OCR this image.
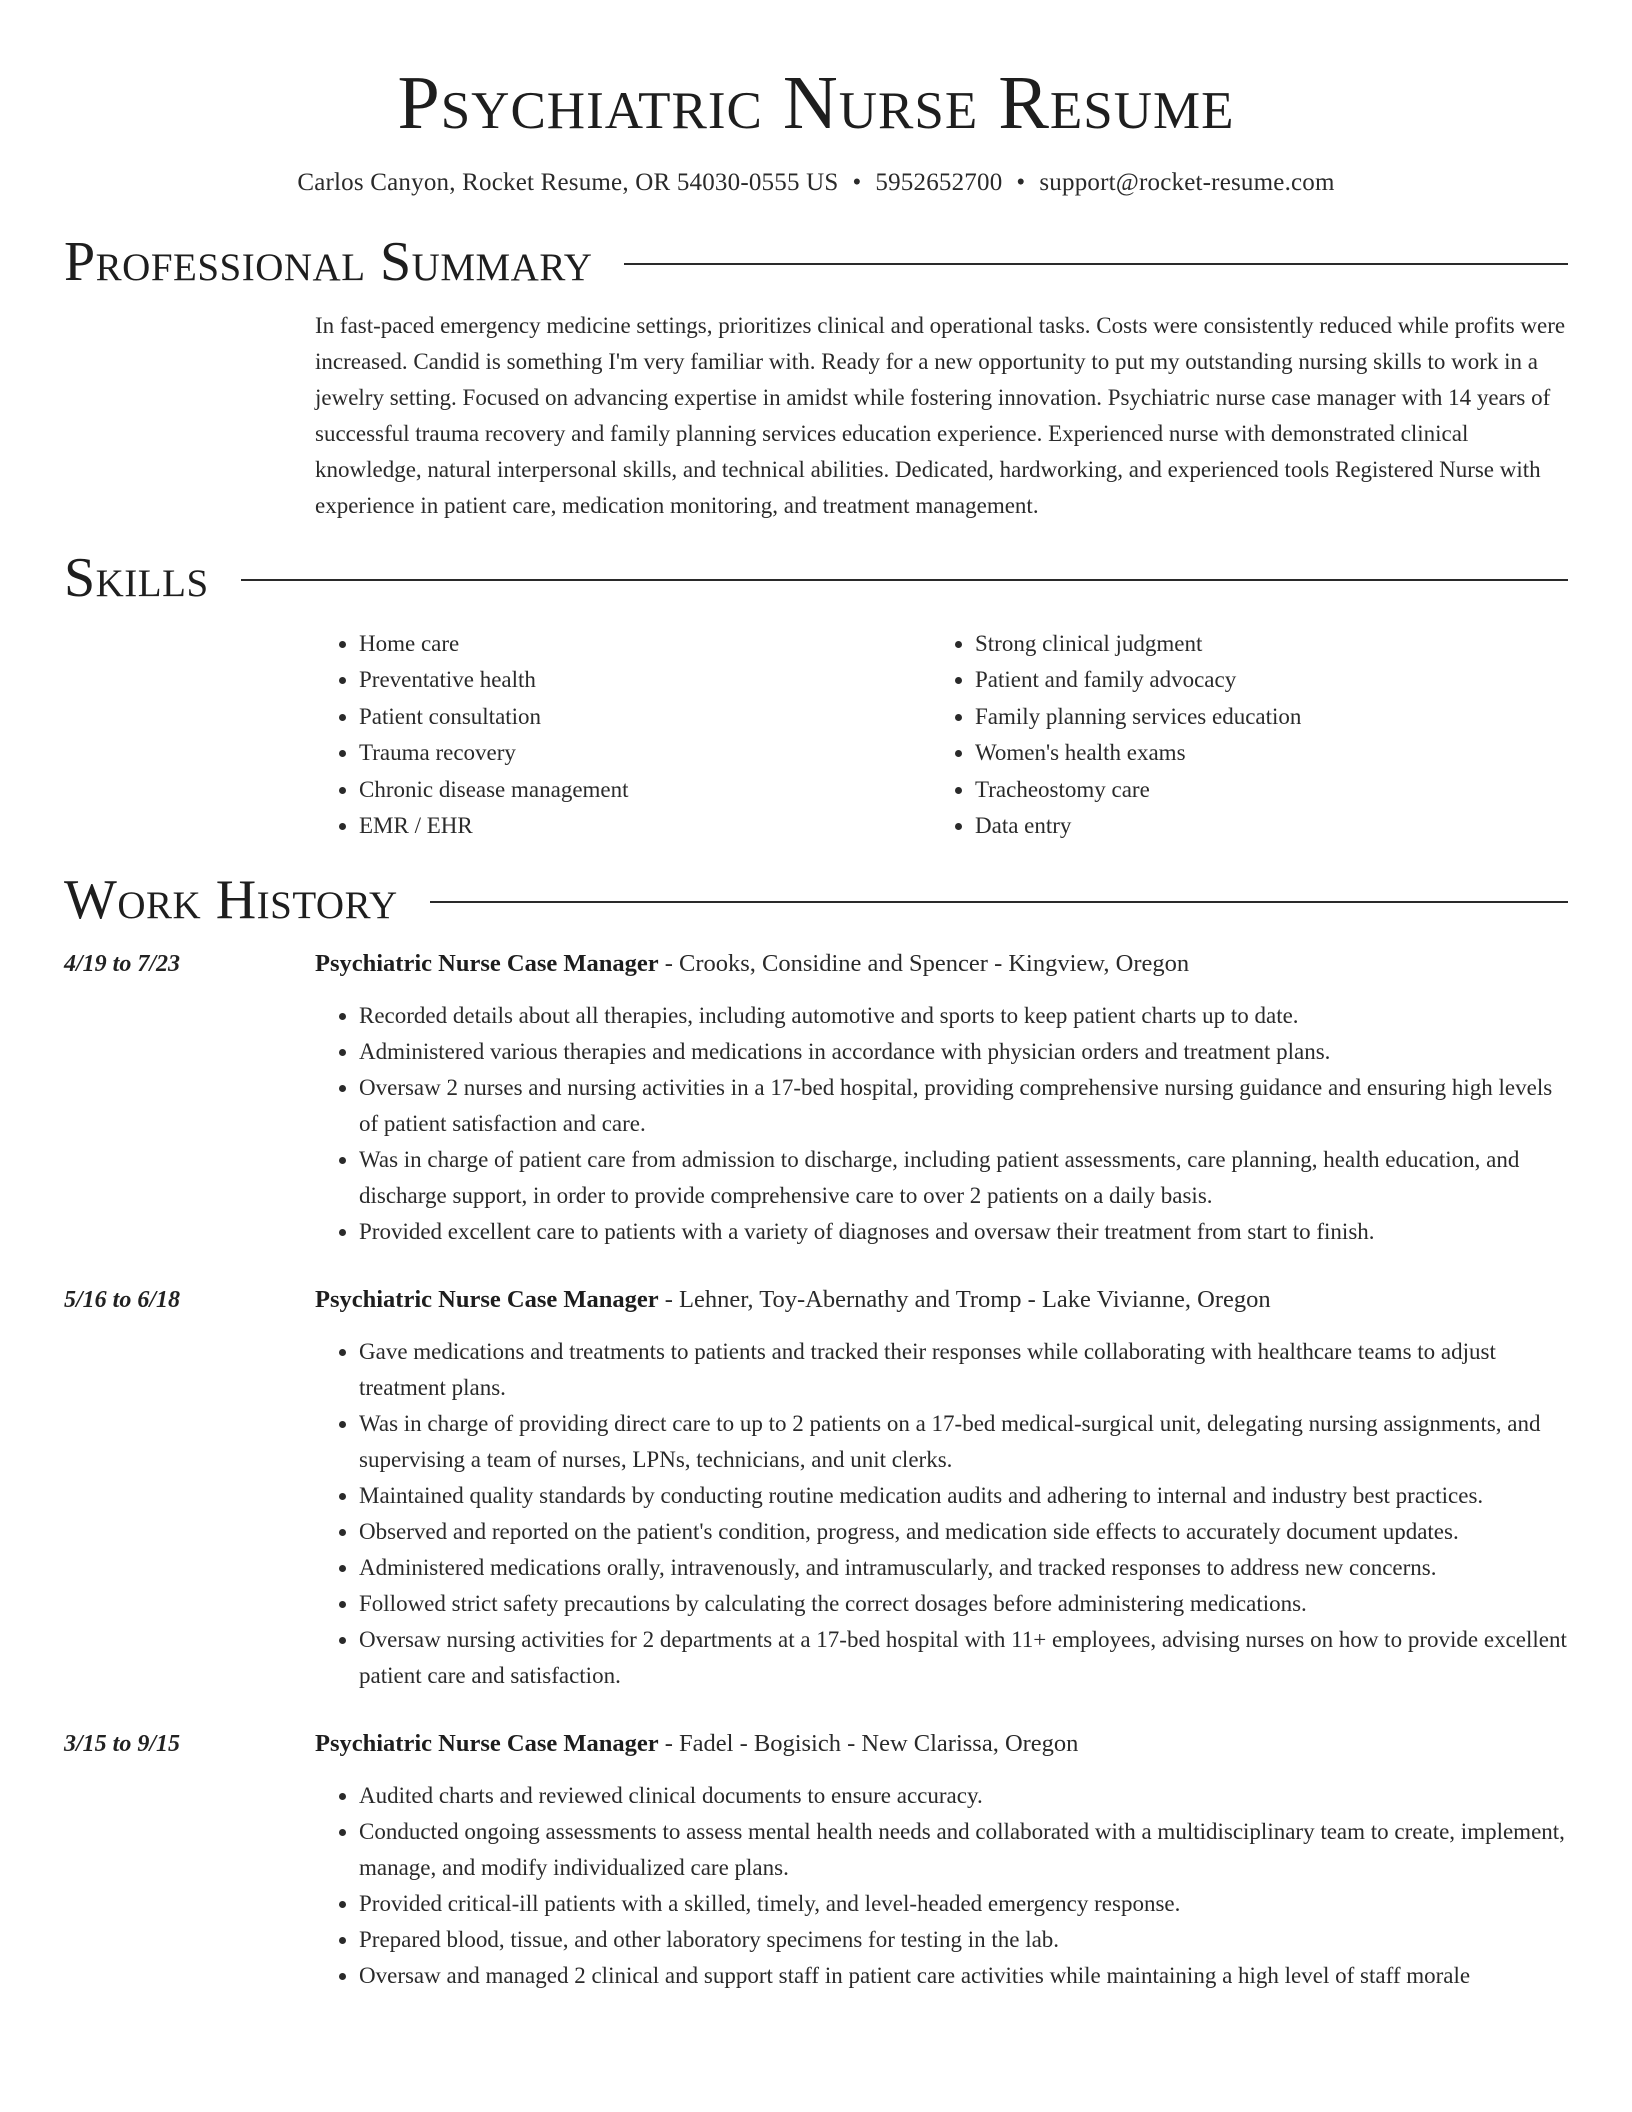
Psychiatric Nurse Resume
Carlos Canyon, Rocket Resume, OR 54030-0555 US • 5952652700 • support@rocket-resume.com
Professional Summary
In fast-paced emergency medicine settings, prioritizes clinical and operational tasks. Costs were consistently reduced while profits were increased. Candid is something I'm very familiar with. Ready for a new opportunity to put my outstanding nursing skills to work in a jewelry setting. Focused on advancing expertise in amidst while fostering innovation. Psychiatric nurse case manager with 14 years of successful trauma recovery and family planning services education experience. Experienced nurse with demonstrated clinical knowledge, natural interpersonal skills, and technical abilities. Dedicated, hardworking, and experienced tools Registered Nurse with experience in patient care, medication monitoring, and treatment management.
Skills
• Home care
• Preventative health
• Patient consultation
• Trauma recovery
• Chronic disease management
• EMR / EHR
• Strong clinical judgment
• Patient and family advocacy
• Family planning services education
• Women's health exams
• Tracheostomy care
• Data entry
Work History
4/19 to 7/23	Psychiatric Nurse Case Manager - Crooks, Considine and Spencer - Kingview, Oregon
• Recorded details about all therapies, including automotive and sports to keep patient charts up to date.
• Administered various therapies and medications in accordance with physician orders and treatment plans.
• Oversaw 2 nurses and nursing activities in a 17-bed hospital, providing comprehensive nursing guidance and ensuring high levels of patient satisfaction and care.
• Was in charge of patient care from admission to discharge, including patient assessments, care planning, health education, and discharge support, in order to provide comprehensive care to over 2 patients on a daily basis.
• Provided excellent care to patients with a variety of diagnoses and oversaw their treatment from start to finish.
5/16 to 6/18	Psychiatric Nurse Case Manager - Lehner, Toy-Abernathy and Tromp - Lake Vivianne, Oregon
• Gave medications and treatments to patients and tracked their responses while collaborating with healthcare teams to adjust treatment plans.
• Was in charge of providing direct care to up to 2 patients on a 17-bed medical-surgical unit, delegating nursing assignments, and supervising a team of nurses, LPNs, technicians, and unit clerks.
• Maintained quality standards by conducting routine medication audits and adhering to internal and industry best practices.
• Observed and reported on the patient's condition, progress, and medication side effects to accurately document updates.
• Administered medications orally, intravenously, and intramuscularly, and tracked responses to address new concerns.
• Followed strict safety precautions by calculating the correct dosages before administering medications.
• Oversaw nursing activities for 2 departments at a 17-bed hospital with 11+ employees, advising nurses on how to provide excellent patient care and satisfaction.
3/15 to 9/15	Psychiatric Nurse Case Manager - Fadel - Bogisich - New Clarissa, Oregon
• Audited charts and reviewed clinical documents to ensure accuracy.
• Conducted ongoing assessments to assess mental health needs and collaborated with a multidisciplinary team to create, implement, manage, and modify individualized care plans.
• Provided critical-ill patients with a skilled, timely, and level-headed emergency response.
• Prepared blood, tissue, and other laboratory specimens for testing in the lab.
• Oversaw and managed 2 clinical and support staff in patient care activities while maintaining a high level of staff morale
